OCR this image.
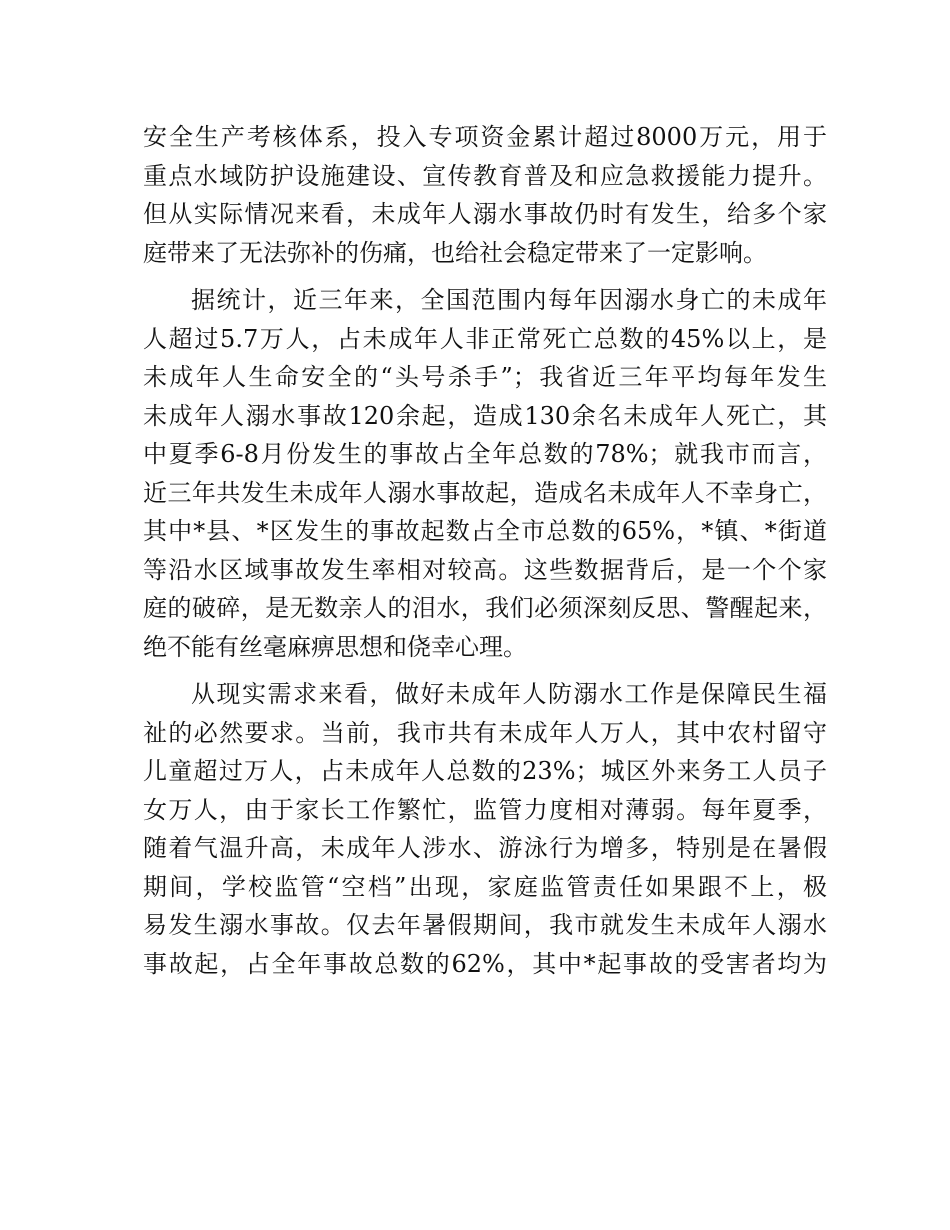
安全生产考核体系，投入专项资金累计超过8000万元，用于
重点水域防护设施建设、宣传教育普及和应急救援能力提升。
但从实际情况来看，未成年人溺水事故仍时有发生，给多个家
庭带来了无法弥补的伤痛，也给社会稳定带来了一定影响。
据统计，近三年来，全国范围内每年因溺水身亡的未成年
人超过5.7万人，占未成年人非正常死亡总数的45%以上，是
未成年人生命安全的“头号杀手”；我省近三年平均每年发生
未成年人溺水事故120余起，造成130余名未成年人死亡，其
中夏季6-8月份发生的事故占全年总数的78%；就我市而言，
近三年共发生未成年人溺水事故起，造成名未成年人不幸身亡，
其中*县、*区发生的事故起数占全市总数的65%，*镇、*街道
等沿水区域事故发生率相对较高。这些数据背后，是一个个家
庭的破碎，是无数亲人的泪水，我们必须深刻反思、警醒起来，
绝不能有丝毫麻痹思想和侥幸心理。
从现实需求来看，做好未成年人防溺水工作是保障民生福
祉的必然要求。当前，我市共有未成年人万人，其中农村留守
儿童超过万人，占未成年人总数的23%；城区外来务工人员子
女万人，由于家长工作繁忙，监管力度相对薄弱。每年夏季，
随着气温升高，未成年人涉水、游泳行为增多，特别是在暑假
期间，学校监管“空档”出现，家庭监管责任如果跟不上，极
易发生溺水事故。仅去年暑假期间，我市就发生未成年人溺水
事故起，占全年事故总数的62%，其中*起事故的受害者均为
